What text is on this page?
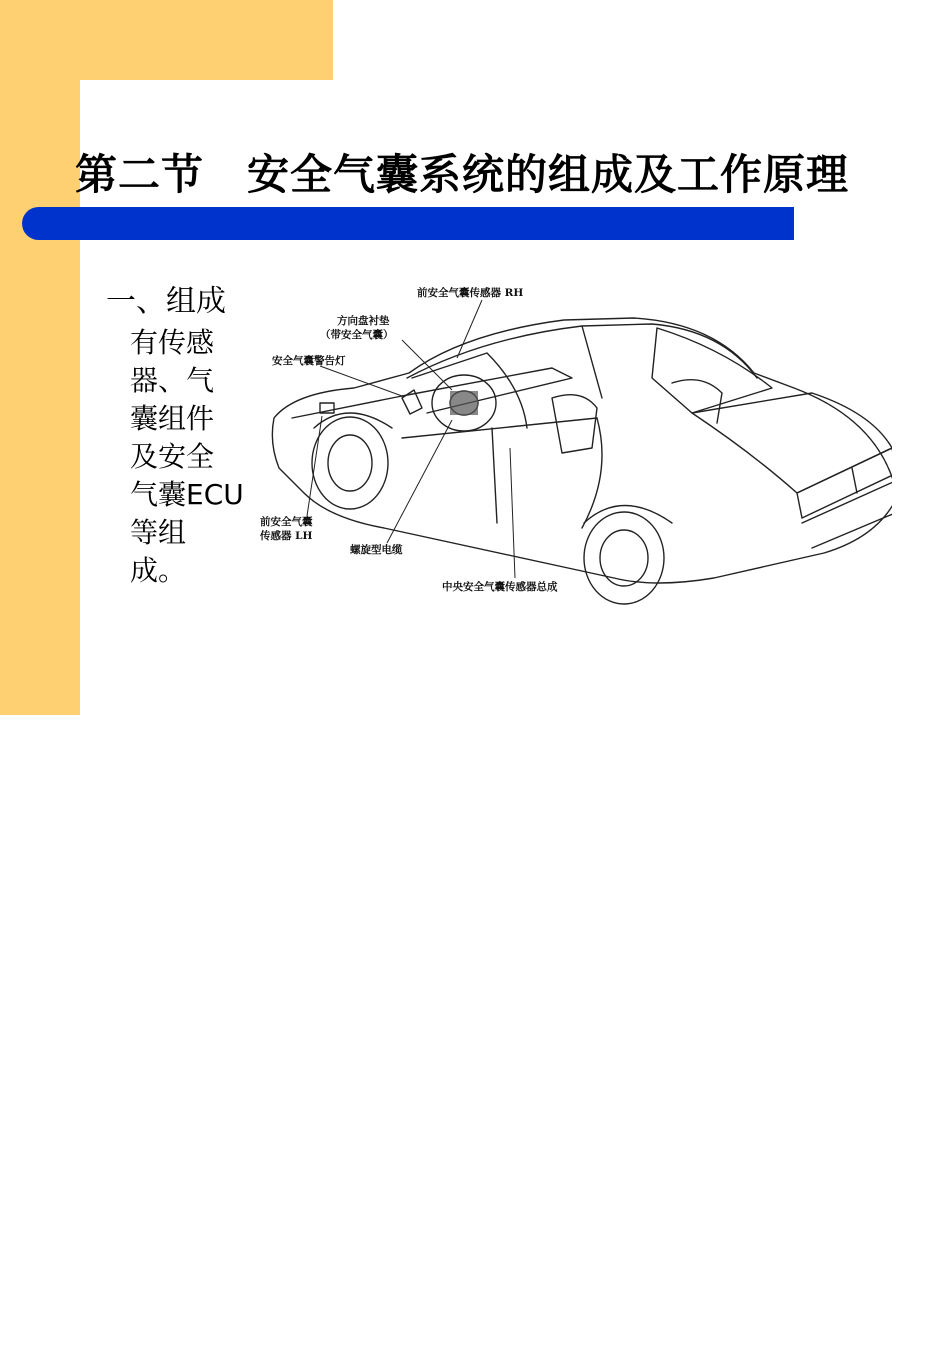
第二节　安全气囊系统的组成及工作原理
一、组成
有传感
器、气
囊组件
及安全
气囊ECU
等组
成。
前安全气囊传感器 RH
方向盘衬垫
（带安全气囊）
安全气囊警告灯
前安全气囊
传感器 LH
螺旋型电缆
中央安全气囊传感器总成
